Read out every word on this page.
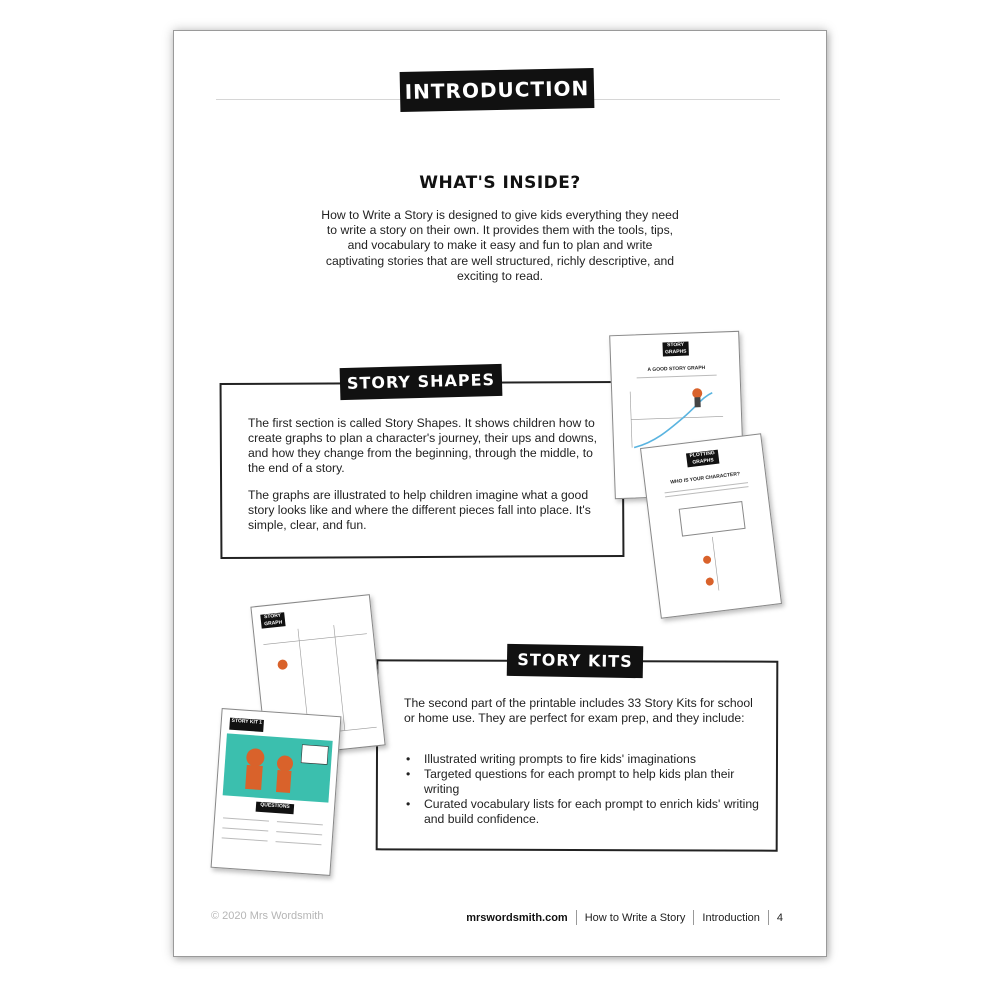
INTRODUCTION
WHAT'S INSIDE?
How to Write a Story is designed to give kids everything they need to write a story on their own. It provides them with the tools, tips, and vocabulary to make it easy and fun to plan and write captivating stories that are well structured, richly descriptive, and exciting to read.
STORY SHAPES
The first section is called Story Shapes. It shows children how to create graphs to plan a character's journey, their ups and downs, and how they change from the beginning, through the middle, to the end of a story.
The graphs are illustrated to help children imagine what a good story looks like and where the different pieces fall into place. It's simple, clear, and fun.
STORY GRAPHS
A GOOD STORY GRAPH
PLOTTING GRAPHS
WHO IS YOUR CHARACTER?
STORY KITS
The second part of the printable includes 33 Story Kits for school or home use. They are perfect for exam prep, and they include:
• Illustrated writing prompts to fire kids' imaginations
• Targeted questions for each prompt to help kids plan their writing
• Curated vocabulary lists for each prompt to enrich kids' writing and build confidence.
STORY GRAPH
STORY KIT 1
QUESTIONS
© 2020 Mrs Wordsmith	mrswordsmith.com How to Write a Story Introduction 4
